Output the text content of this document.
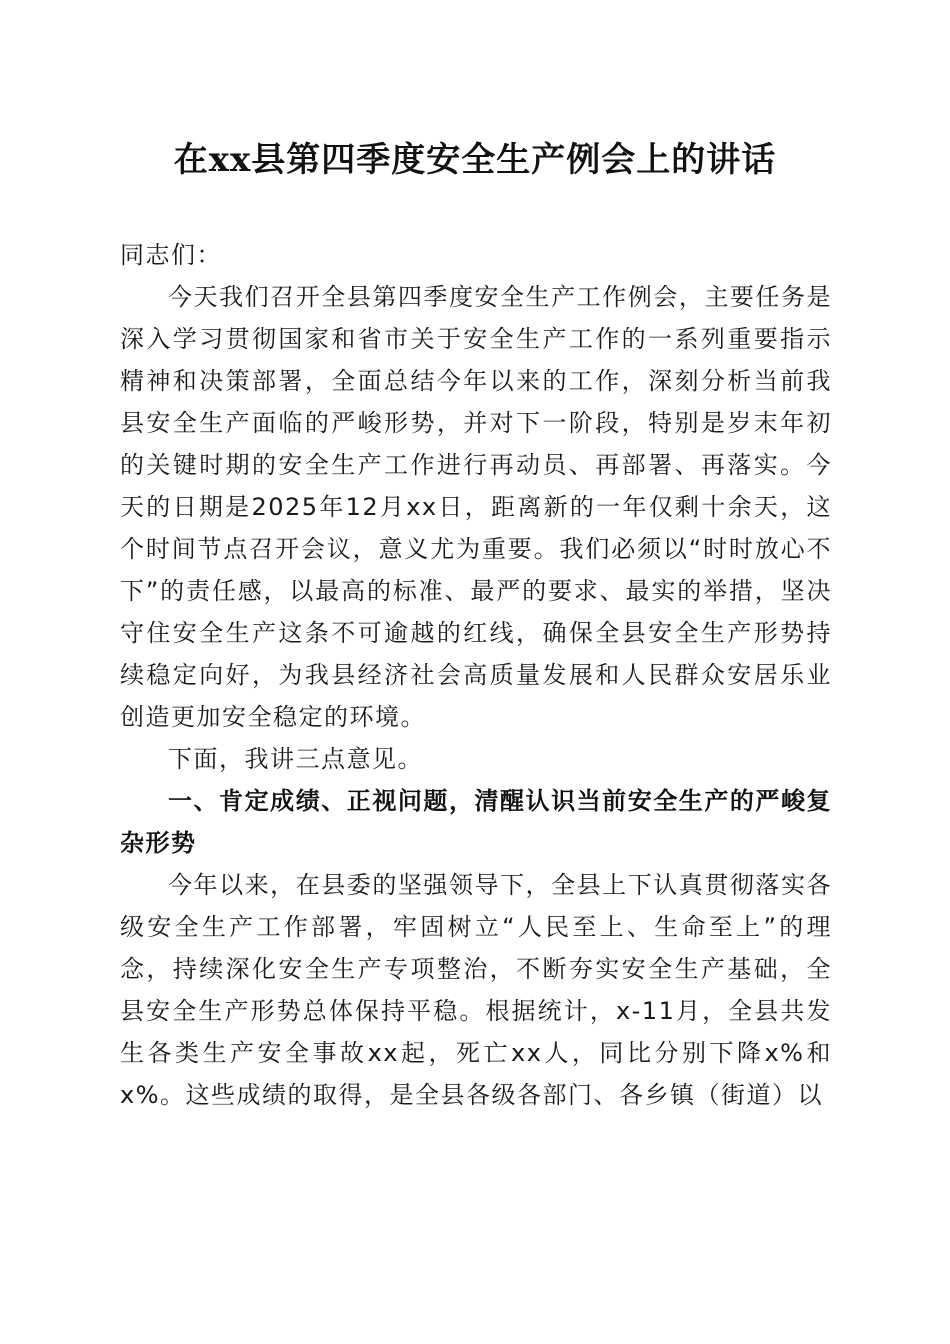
在xx县第四季度安全生产例会上的讲话

同志们：

今天我们召开全县第四季度安全生产工作例会，主要任务是深入学习贯彻国家和省市关于安全生产工作的一系列重要指示精神和决策部署，全面总结今年以来的工作，深刻分析当前我县安全生产面临的严峻形势，并对下一阶段，特别是岁末年初的关键时期的安全生产工作进行再动员、再部署、再落实。今天的日期是2025年12月xx日，距离新的一年仅剩十余天，这个时间节点召开会议，意义尤为重要。我们必须以“时时放心不下”的责任感，以最高的标准、最严的要求、最实的举措，坚决守住安全生产这条不可逾越的红线，确保全县安全生产形势持续稳定向好，为我县经济社会高质量发展和人民群众安居乐业创造更加安全稳定的环境。

下面，我讲三点意见。

一、肯定成绩、正视问题，清醒认识当前安全生产的严峻复杂形势

今年以来，在县委的坚强领导下，全县上下认真贯彻落实各级安全生产工作部署，牢固树立“人民至上、生命至上”的理念，持续深化安全生产专项整治，不断夯实安全生产基础，全县安全生产形势总体保持平稳。根据统计，x-11月，全县共发生各类生产安全事故xx起，死亡xx人，同比分别下降x%和x%。这些成绩的取得，是全县各级各部门、各乡镇（街道）以
